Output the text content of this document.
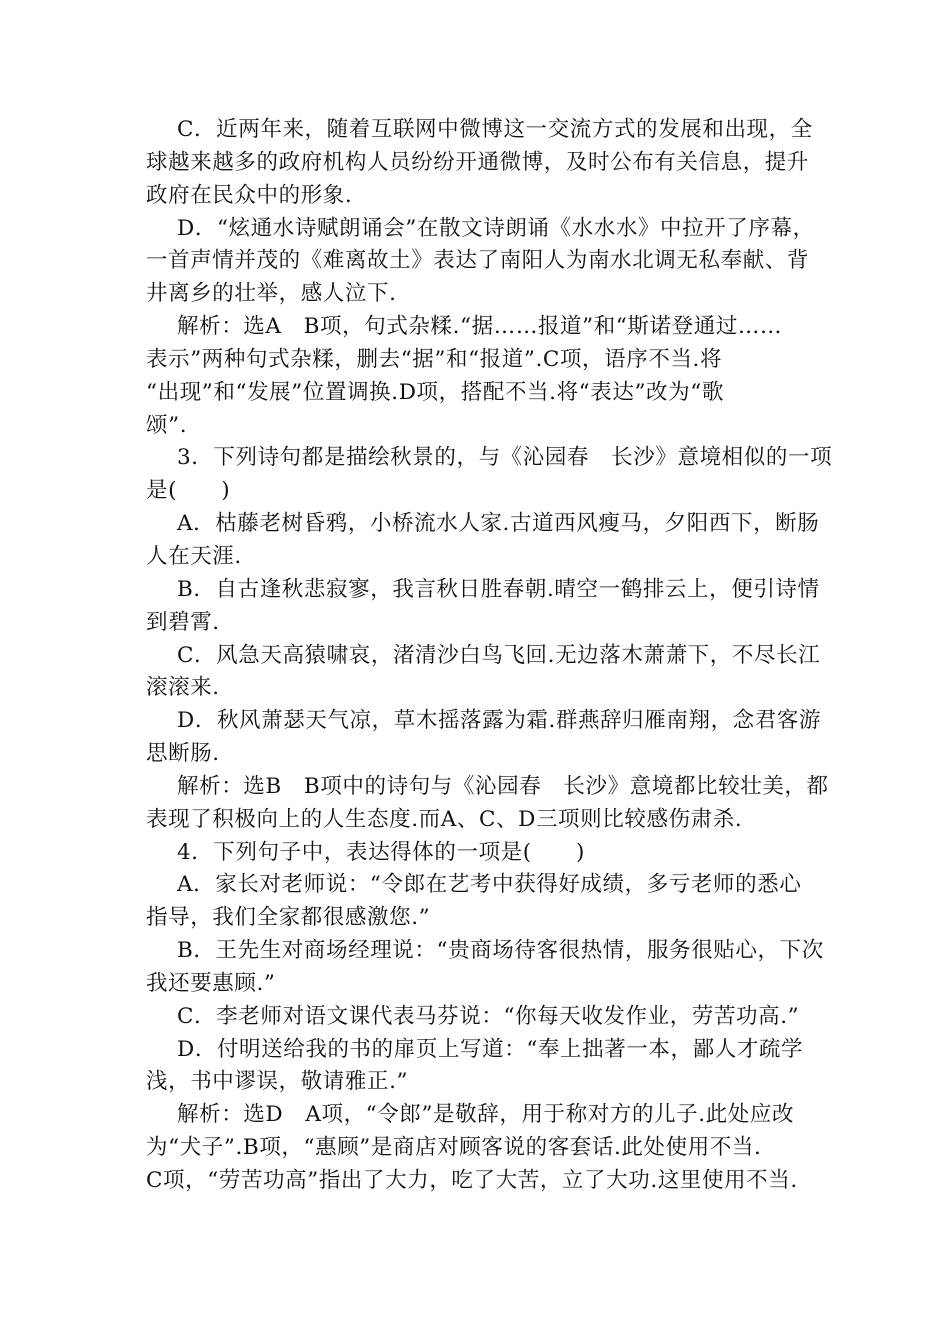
C．近两年来，随着互联网中微博这一交流方式的发展和出现，全
球越来越多的政府机构人员纷纷开通微博，及时公布有关信息，提升
政府在民众中的形象.
D．“炫通水诗赋朗诵会”在散文诗朗诵《水水水》中拉开了序幕，
一首声情并茂的《难离故土》表达了南阳人为南水北调无私奉献、背
井离乡的壮举，感人泣下.
解析：选A　B项，句式杂糅.“据……报道”和“斯诺登通过……
表示”两种句式杂糅，删去“据”和“报道”.C项，语序不当.将
“出现”和“发展”位置调换.D项，搭配不当.将“表达”改为“歌
颂”.
3．下列诗句都是描绘秋景的，与《沁园春　长沙》意境相似的一项
是(　　)
A．枯藤老树昏鸦，小桥流水人家.古道西风瘦马，夕阳西下，断肠
人在天涯.
B．自古逢秋悲寂寥，我言秋日胜春朝.晴空一鹤排云上，便引诗情
到碧霄.
C．风急天高猿啸哀，渚清沙白鸟飞回.无边落木萧萧下，不尽长江
滚滚来.
D．秋风萧瑟天气凉，草木摇落露为霜.群燕辞归雁南翔，念君客游
思断肠.
解析：选B　B项中的诗句与《沁园春　长沙》意境都比较壮美，都
表现了积极向上的人生态度.而A、C、D三项则比较感伤肃杀.
4．下列句子中，表达得体的一项是(　　)
A．家长对老师说：“令郎在艺考中获得好成绩，多亏老师的悉心
指导，我们全家都很感激您.”
B．王先生对商场经理说：“贵商场待客很热情，服务很贴心，下次
我还要惠顾.”
C．李老师对语文课代表马芬说：“你每天收发作业，劳苦功高.”
D．付明送给我的书的扉页上写道：“奉上拙著一本，鄙人才疏学
浅，书中谬误，敬请雅正.”
解析：选D　A项，“令郎”是敬辞，用于称对方的儿子.此处应改
为“犬子”.B项，“惠顾”是商店对顾客说的客套话.此处使用不当.
C项，“劳苦功高”指出了大力，吃了大苦，立了大功.这里使用不当.
